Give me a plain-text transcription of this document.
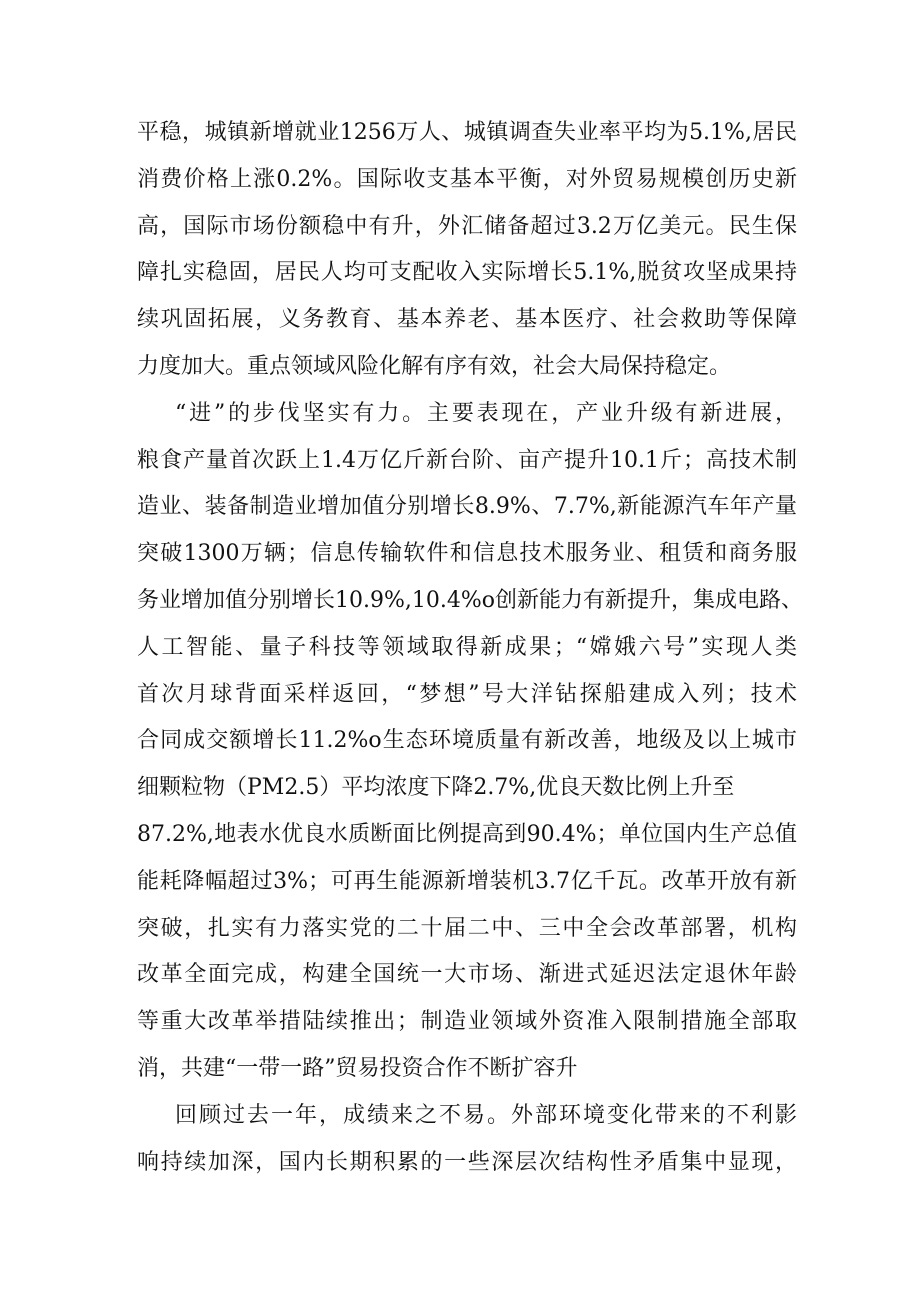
平稳，城镇新增就业1256万人、城镇调查失业率平均为5.1%,居民
消费价格上涨0.2%。国际收支基本平衡，对外贸易规模创历史新
高，国际市场份额稳中有升，外汇储备超过3.2万亿美元。民生保
障扎实稳固，居民人均可支配收入实际增长5.1%,脱贫攻坚成果持
续巩固拓展，义务教育、基本养老、基本医疗、社会救助等保障
力度加大。重点领域风险化解有序有效，社会大局保持稳定。
“进”的步伐坚实有力。主要表现在，产业升级有新进展，
粮食产量首次跃上1.4万亿斤新台阶、亩产提升10.1斤；高技术制
造业、装备制造业增加值分别增长8.9%、7.7%,新能源汽车年产量
突破1300万辆；信息传输软件和信息技术服务业、租赁和商务服
务业增加值分别增长10.9%,10.4%o创新能力有新提升，集成电路、
人工智能、量子科技等领域取得新成果；“嫦娥六号”实现人类
首次月球背面采样返回，“梦想”号大洋钻探船建成入列；技术
合同成交额增长11.2%o生态环境质量有新改善，地级及以上城市
细颗粒物（PM2.5）平均浓度下降2.7%,优良天数比例上升至
87.2%,地表水优良水质断面比例提高到90.4%；单位国内生产总值
能耗降幅超过3%；可再生能源新增装机3.7亿千瓦。改革开放有新
突破，扎实有力落实党的二十届二中、三中全会改革部署，机构
改革全面完成，构建全国统一大市场、渐进式延迟法定退休年龄
等重大改革举措陆续推出；制造业领域外资准入限制措施全部取
消，共建“一带一路”贸易投资合作不断扩容升
回顾过去一年，成绩来之不易。外部环境变化带来的不利影
响持续加深，国内长期积累的一些深层次结构性矛盾集中显现，
